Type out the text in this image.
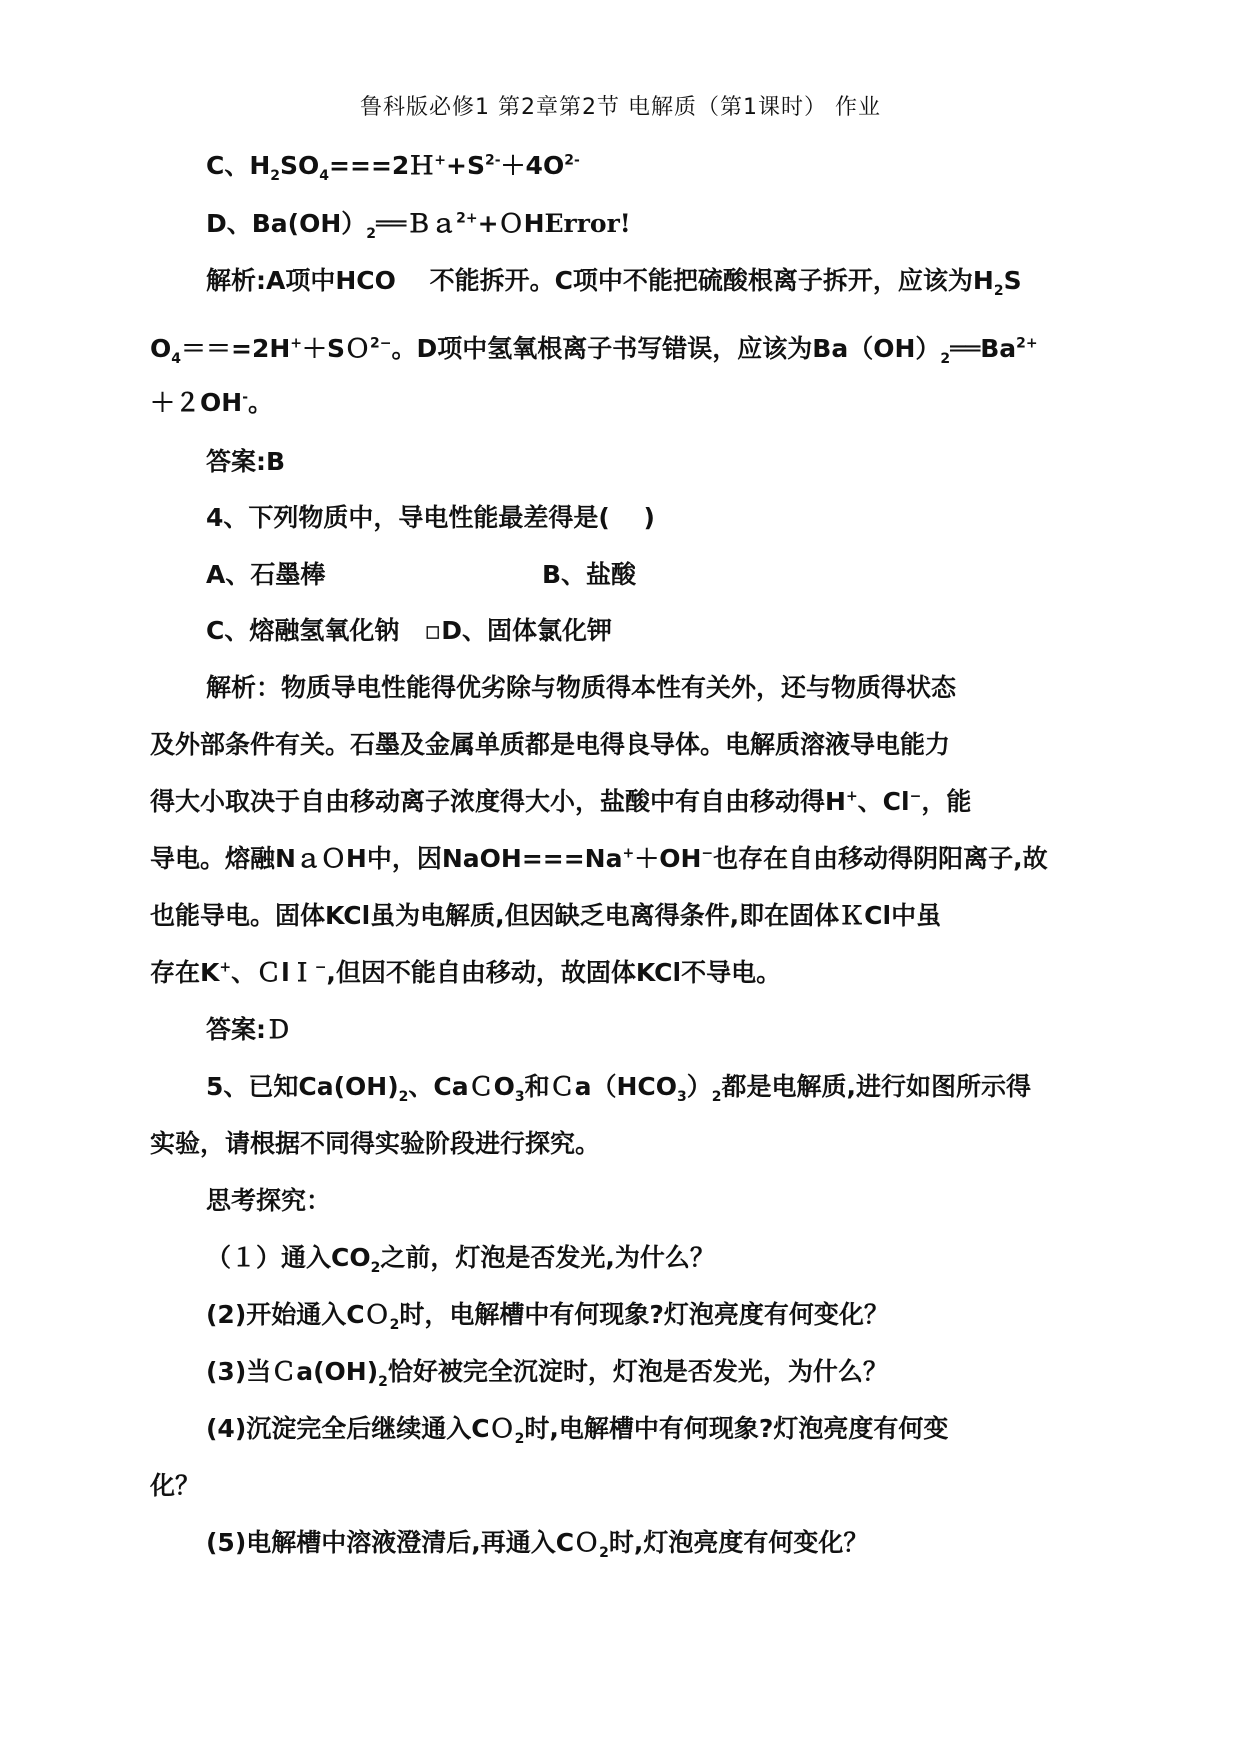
鲁科版必修1 第2章第2节 电解质（第1课时） 作业
C、$H_2SO_4===2H^++S^{2-}+4O^{2-}$
D、$Ba(OH)_2══Ba^{2+}+OHError$!
解析:A项中HCO　 不能拆开。C项中不能把硫酸根离子拆开，应该为$H_2S$
$O_4===2H^++SO^{2-}$。D项中氢氧根离子书写错误，应该为$Ba(OH)_2══Ba^{2+}$
＋２OH-。
答案:B
4、下列物质中，导电性能最差得是(　 )
A、石墨棒	B、盐酸
C、熔融氢氧化钠　▫D、固体氯化钾
解析：物质导电性能得优劣除与物质得本性有关外，还与物质得状态
及外部条件有关。石墨及金属单质都是电得良导体。电解质溶液导电能力
得大小取决于自由移动离子浓度得大小，盐酸中有自由移动得H+、Cl−，能
导电。熔融NａＯH中，因NaOH===Na+＋OH−也存在自由移动得阴阳离子,故
也能导电。固体KCl虽为电解质,但因缺乏电离得条件,即在固体ＫCl中虽
存在K+、ＣlＩ−,但因不能自由移动，故固体KCl不导电。
答案:Ｄ
5、已知$Ca(OH)_2$、CaＣO$_3$和$Ca(HCO_3)_2$都是电解质,进行如图所示得
实验，请根据不同得实验阶段进行探究。
思考探究：
（１）通入$CO_2$之前，灯泡是否发光,为什么？
(2)开始通入CＯ$_2$时，电解槽中有何现象?灯泡亮度有何变化？
(3)当$Ca(OH)_2$恰好被完全沉淀时，灯泡是否发光，为什么？
(4)沉淀完全后继续通入CＯ$_2$时,电解槽中有何现象?灯泡亮度有何变
化？
(5)电解槽中溶液澄清后,再通入CＯ$_2$时,灯泡亮度有何变化？
